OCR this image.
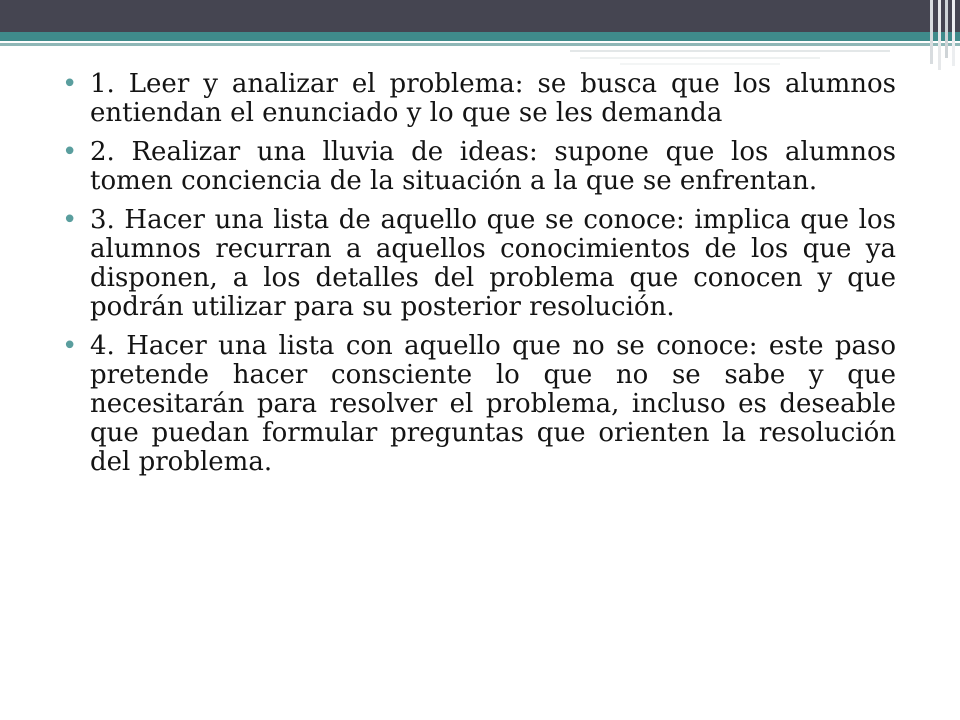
• 1. Leer y analizar el problema: se busca que los alumnos entiendan el enunciado y lo que se les demanda
• 2. Realizar una lluvia de ideas: supone que los alumnos tomen conciencia de la situación a la que se enfrentan.
• 3. Hacer una lista de aquello que se conoce: implica que los alumnos recurran a aquellos conocimientos de los que ya disponen, a los detalles del problema que conocen y que podrán utilizar para su posterior resolución.
• 4. Hacer una lista con aquello que no se conoce: este paso pretende hacer consciente lo que no se sabe y que necesitarán para resolver el problema, incluso es deseable que puedan formular preguntas que orienten la resolución del problema.
